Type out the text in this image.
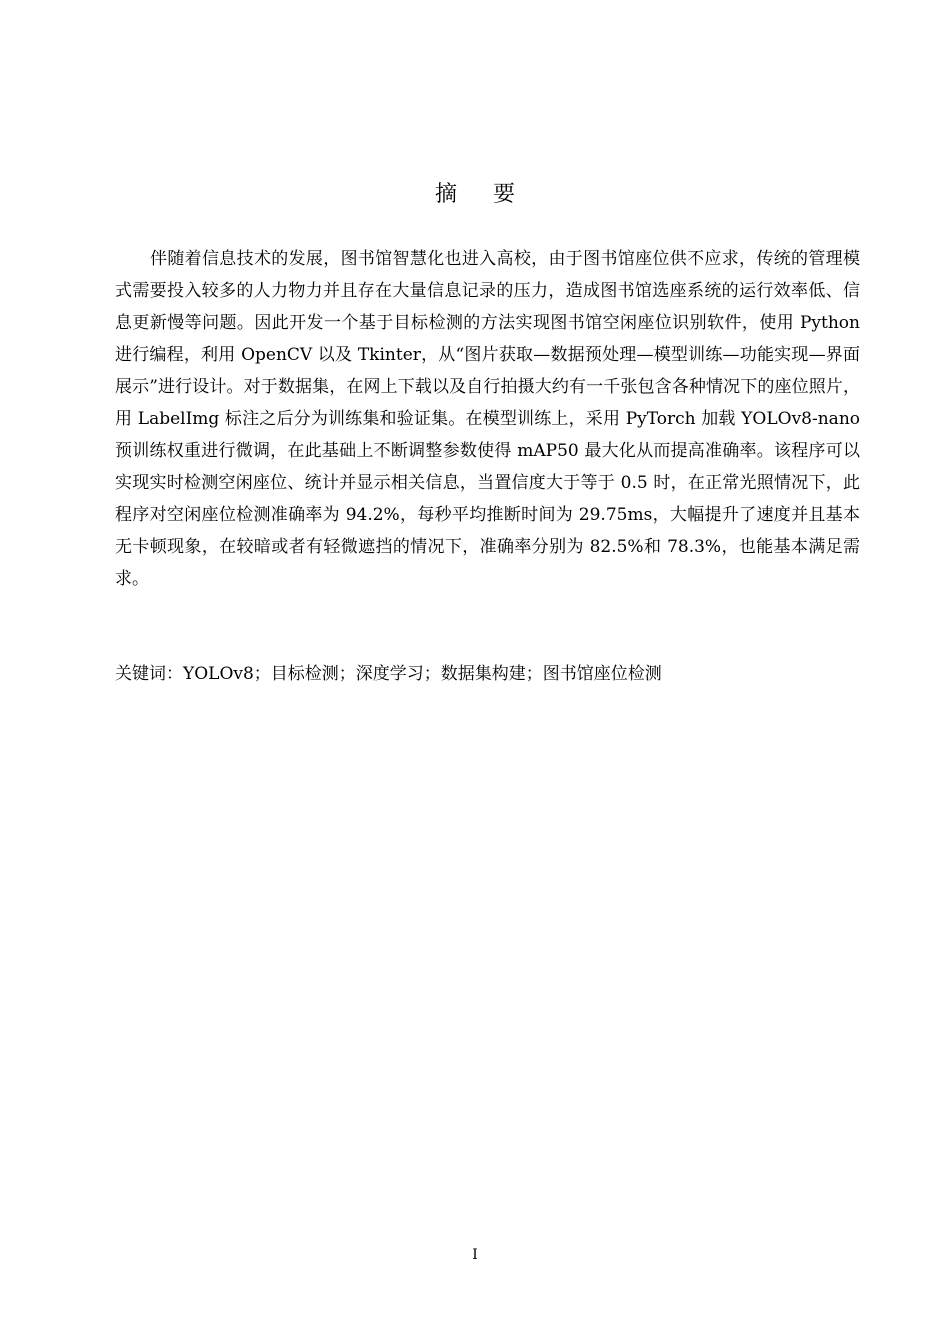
摘 要

伴随着信息技术的发展，图书馆智慧化也进入高校，由于图书馆座位供不应求，传统的管理模式需要投入较多的人力物力并且存在大量信息记录的压力，造成图书馆选座系统的运行效率低、信息更新慢等问题。因此开发一个基于目标检测的方法实现图书馆空闲座位识别软件，使用 Python 进行编程，利用 OpenCV 以及 Tkinter，从“图片获取—数据预处理—模型训练—功能实现—界面展示”进行设计。对于数据集，在网上下载以及自行拍摄大约有一千张包含各种情况下的座位照片，用 LabelImg 标注之后分为训练集和验证集。在模型训练上，采用 PyTorch 加载 YOLOv8-nano 预训练权重进行微调，在此基础上不断调整参数使得 mAP50 最大化从而提高准确率。该程序可以实现实时检测空闲座位、统计并显示相关信息，当置信度大于等于 0.5 时，在正常光照情况下，此程序对空闲座位检测准确率为 94.2%，每秒平均推断时间为 29.75ms，大幅提升了速度并且基本无卡顿现象，在较暗或者有轻微遮挡的情况下，准确率分别为 82.5%和 78.3%，也能基本满足需求。

关键词：YOLOv8；目标检测；深度学习；数据集构建；图书馆座位检测

I
